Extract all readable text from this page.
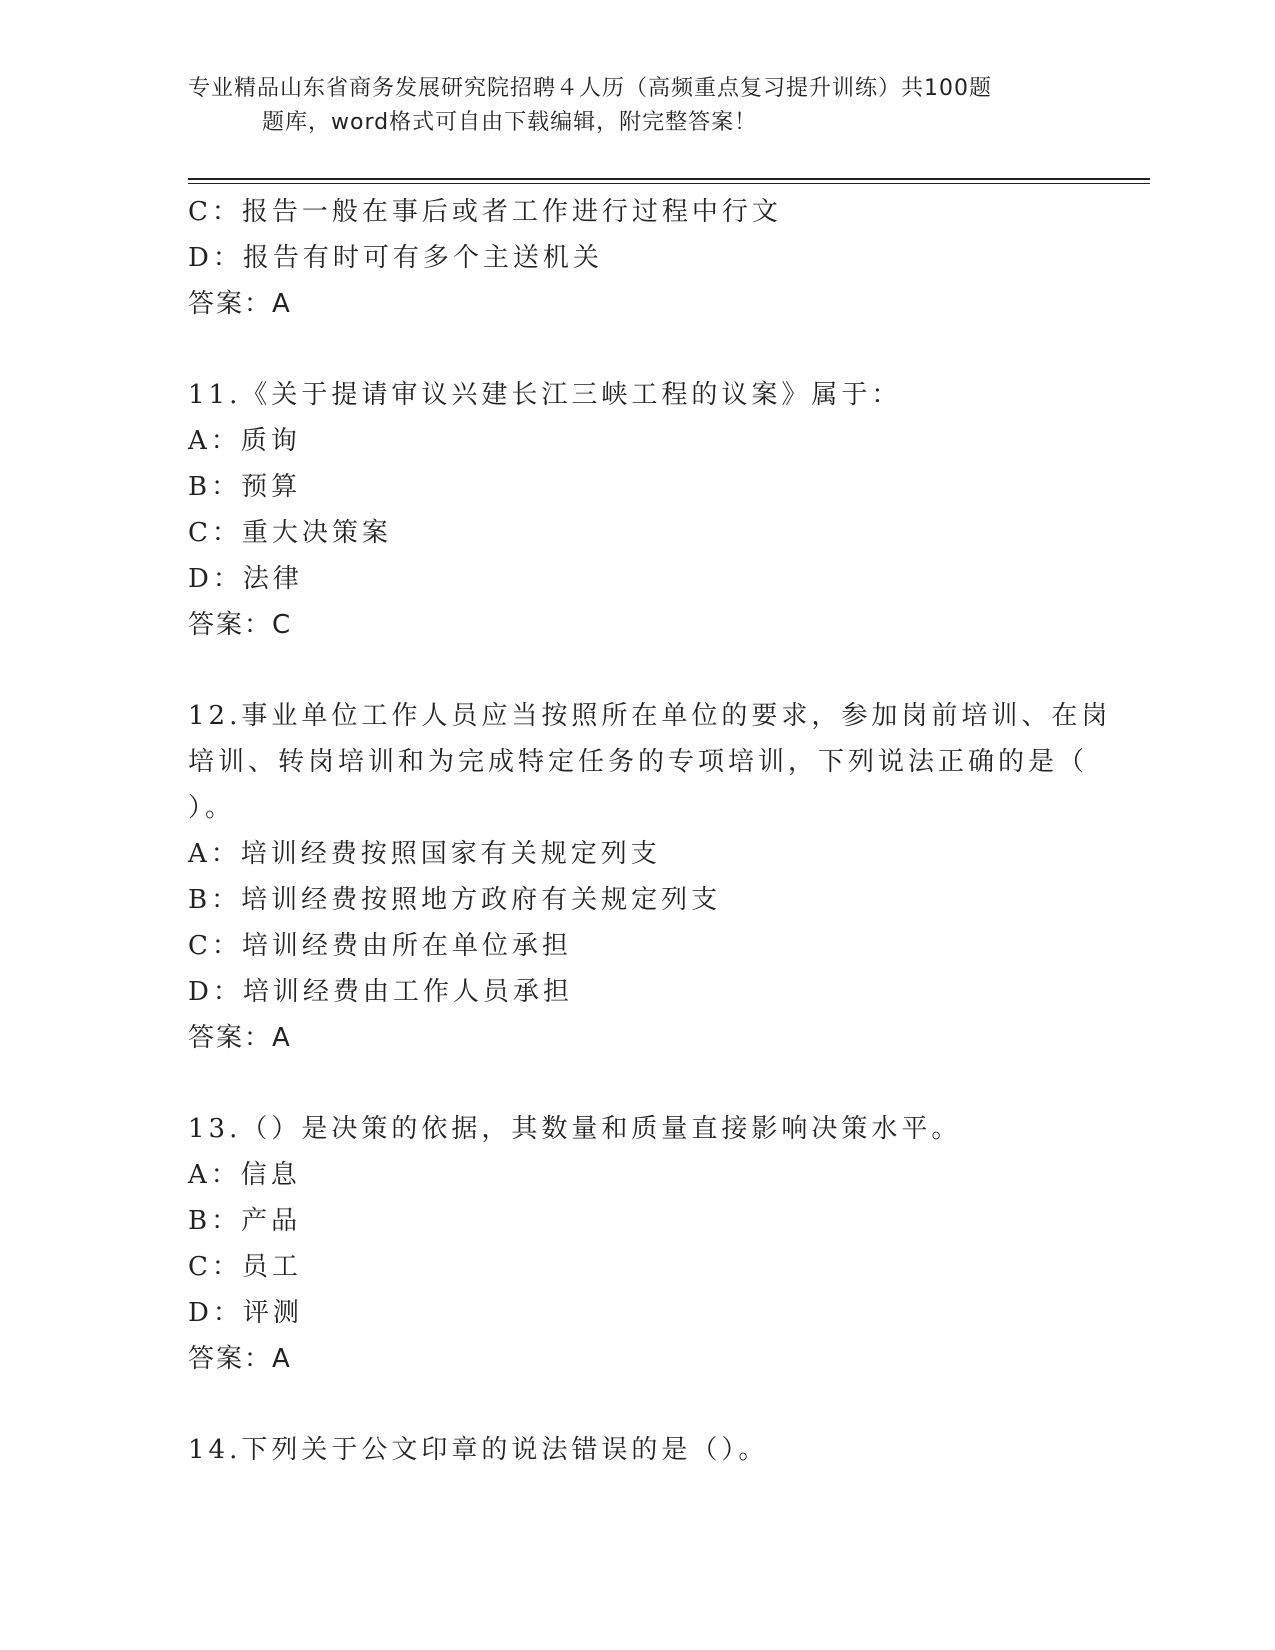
专业精品山东省商务发展研究院招聘４人历（高频重点复习提升训练）共100题
题库，word格式可自由下载编辑，附完整答案！
C：报告一般在事后或者工作进行过程中行文
D：报告有时可有多个主送机关
答案：A
11.《关于提请审议兴建长江三峡工程的议案》属于：
A：质询
B：预算
C：重大决策案
D：法律
答案：C
12.事业单位工作人员应当按照所在单位的要求，参加岗前培训、在岗
培训、转岗培训和为完成特定任务的专项培训，下列说法正确的是（
）。
A：培训经费按照国家有关规定列支
B：培训经费按照地方政府有关规定列支
C：培训经费由所在单位承担
D：培训经费由工作人员承担
答案：A
13.（）是决策的依据，其数量和质量直接影响决策水平。
A：信息
B：产品
C：员工
D：评测
答案：A
14.下列关于公文印章的说法错误的是（）。
